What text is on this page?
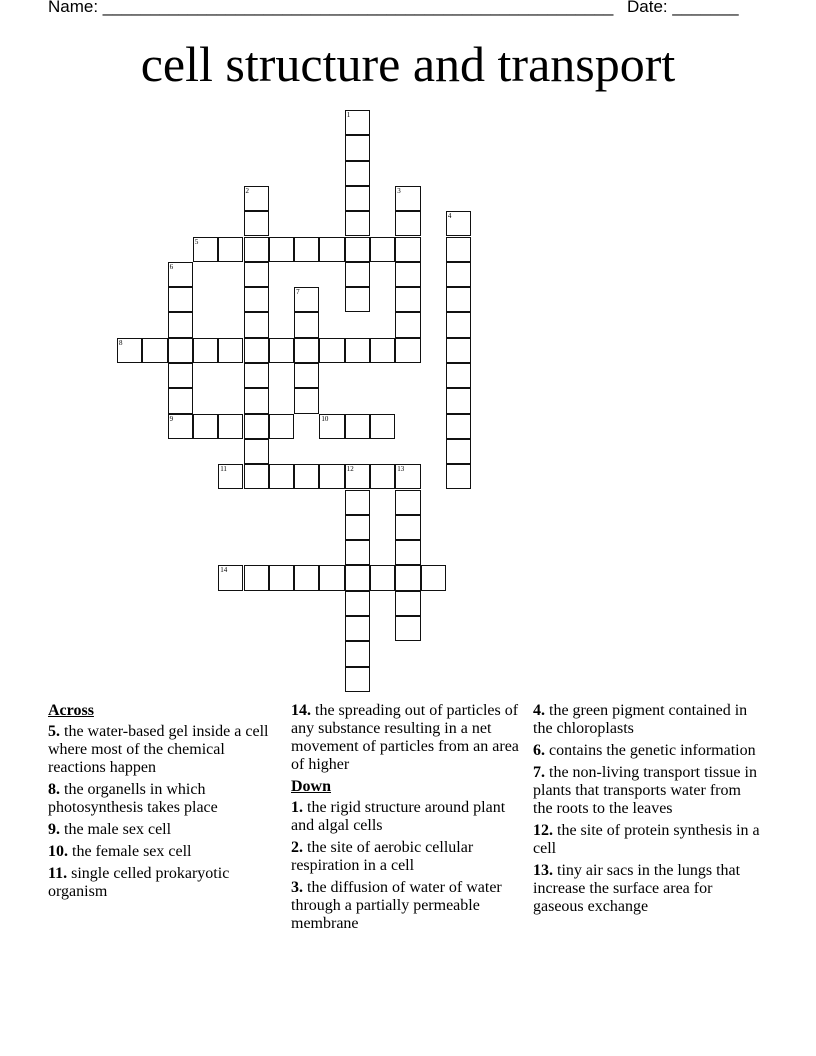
Name: ______________________________________________________ Date: _______
cell structure and transport
1
2	3
4
5
6
9
7
8
10
11	12	13
14
Across
5. the water-based gel inside a cell where most of the chemical reactions happen
8. the organells in which photosynthesis takes place
9. the male sex cell
10. the female sex cell
11. single celled prokaryotic organism
14. the spreading out of particles of any substance resulting in a net movement of particles from an area of higher
Down
1. the rigid structure around plant and algal cells
2. the site of aerobic cellular respiration in a cell
3. the diffusion of water of water through a partially permeable membrane
4. the green pigment contained in the chloroplasts
6. contains the genetic information
7. the non-living transport tissue in plants that transports water from the roots to the leaves
12. the site of protein synthesis in a cell
13. tiny air sacs in the lungs that increase the surface area for gaseous exchange
